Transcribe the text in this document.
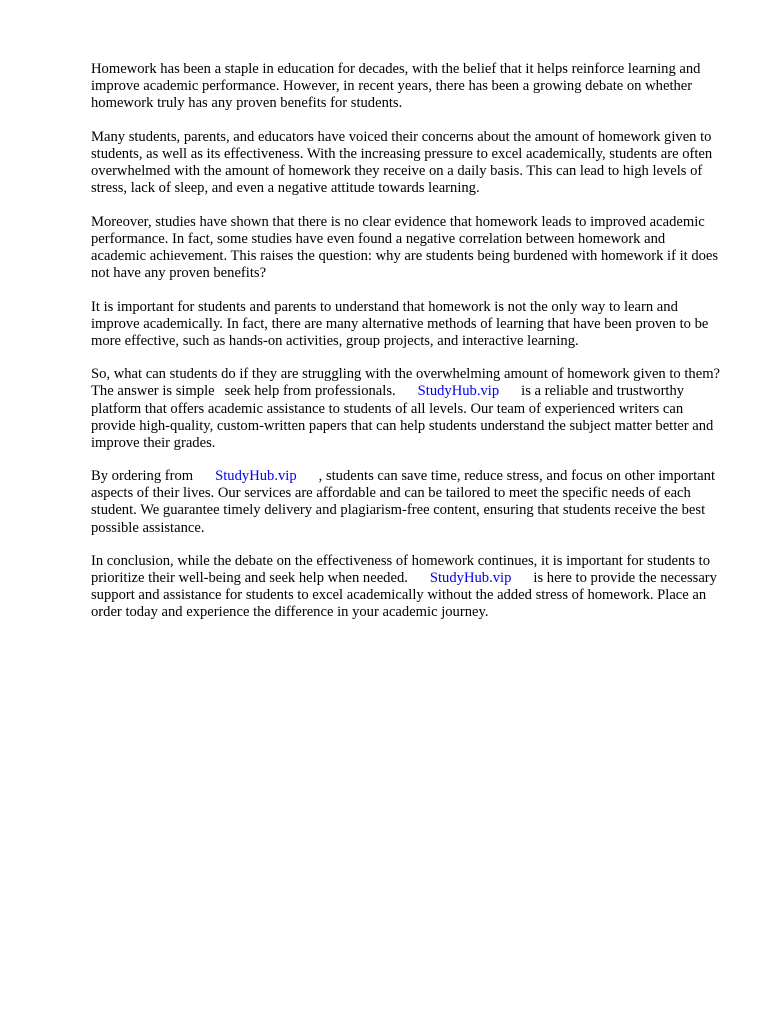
Homework has been a staple in education for decades, with the belief that it helps reinforce learning and improve academic performance. However, in recent years, there has been a growing debate on whether homework truly has any proven benefits for students.

Many students, parents, and educators have voiced their concerns about the amount of homework given to students, as well as its effectiveness. With the increasing pressure to excel academically, students are often overwhelmed with the amount of homework they receive on a daily basis. This can lead to high levels of stress, lack of sleep, and even a negative attitude towards learning.

Moreover, studies have shown that there is no clear evidence that homework leads to improved academic performance. In fact, some studies have even found a negative correlation between homework and academic achievement. This raises the question: why are students being burdened with homework if it does not have any proven benefits?

It is important for students and parents to understand that homework is not the only way to learn and improve academically. In fact, there are many alternative methods of learning that have been proven to be more effective, such as hands-on activities, group projects, and interactive learning.

So, what can students do if they are struggling with the overwhelming amount of homework given to them? The answer is simple seek help from professionals. StudyHub.vip is a reliable and trustworthy platform that offers academic assistance to students of all levels. Our team of experienced writers can provide high-quality, custom-written papers that can help students understand the subject matter better and improve their grades.

By ordering from StudyHub.vip , students can save time, reduce stress, and focus on other important aspects of their lives. Our services are affordable and can be tailored to meet the specific needs of each student. We guarantee timely delivery and plagiarism-free content, ensuring that students receive the best possible assistance.

In conclusion, while the debate on the effectiveness of homework continues, it is important for students to prioritize their well-being and seek help when needed. StudyHub.vip is here to provide the necessary support and assistance for students to excel academically without the added stress of homework. Place an order today and experience the difference in your academic journey.
